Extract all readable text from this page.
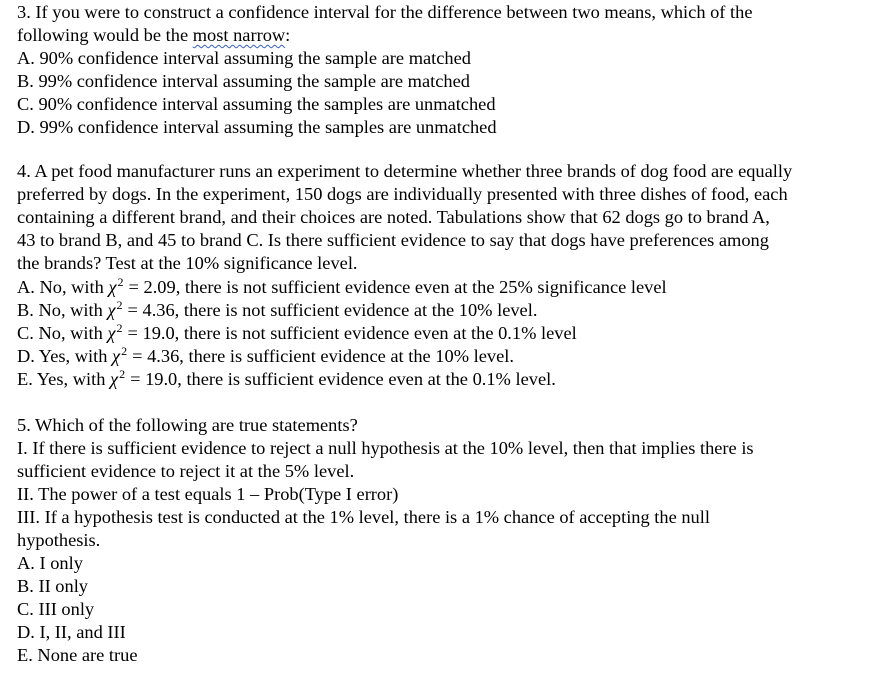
3. If you were to construct a confidence interval for the difference between two means, which of the
following would be the most narrow:
A. 90% confidence interval assuming the sample are matched
B. 99% confidence interval assuming the sample are matched
C. 90% confidence interval assuming the samples are unmatched
D. 99% confidence interval assuming the samples are unmatched
4. A pet food manufacturer runs an experiment to determine whether three brands of dog food are equally
preferred by dogs. In the experiment, 150 dogs are individually presented with three dishes of food, each
containing a different brand, and their choices are noted. Tabulations show that 62 dogs go to brand A,
43 to brand B, and 45 to brand C. Is there sufficient evidence to say that dogs have preferences among
the brands? Test at the 10% significance level.
A. No, with $\chi^2 = 2.09$, there is not sufficient evidence even at the 25% significance level
B. No, with $\chi^2 = 4.36$, there is not sufficient evidence at the 10% level.
C. No, with $\chi^2 = 19.0$, there is not sufficient evidence even at the 0.1% level
D. Yes, with $\chi^2 = 4.36$, there is sufficient evidence at the 10% level.
E. Yes, with $\chi^2 = 19.0$, there is sufficient evidence even at the 0.1% level.
5. Which of the following are true statements?
I. If there is sufficient evidence to reject a null hypothesis at the 10% level, then that implies there is
sufficient evidence to reject it at the 5% level.
II. The power of a test equals 1 – Prob(Type I error)
III. If a hypothesis test is conducted at the 1% level, there is a 1% chance of accepting the null
hypothesis.
A. I only
B. II only
C. III only
D. I, II, and III
E. None are true
